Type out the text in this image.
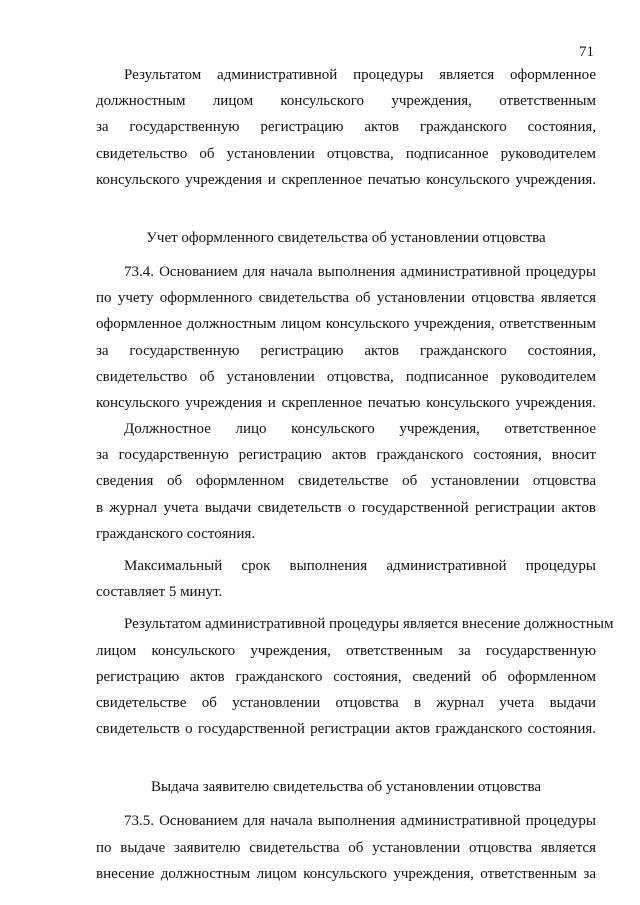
71
Результатом административной процедуры является оформленное
должностным лицом консульского учреждения, ответственным
за государственную регистрацию актов гражданского состояния,
свидетельство об установлении отцовства, подписанное руководителем
консульского учреждения и скрепленное печатью консульского учреждения.
Учет оформленного свидетельства об установлении отцовства
73.4. Основанием для начала выполнения административной процедуры
по учету оформленного свидетельства об установлении отцовства является
оформленное должностным лицом консульского учреждения, ответственным
за государственную регистрацию актов гражданского состояния,
свидетельство об установлении отцовства, подписанное руководителем
консульского учреждения и скрепленное печатью консульского учреждения.
Должностное лицо консульского учреждения, ответственное
за государственную регистрацию актов гражданского состояния, вносит
сведения об оформленном свидетельстве об установлении отцовства
в журнал учета выдачи свидетельств о государственной регистрации актов
гражданского состояния.
Максимальный срок выполнения административной процедуры
составляет 5 минут.
Результатом административной процедуры является внесение должностным
лицом консульского учреждения, ответственным за государственную
регистрацию актов гражданского состояния, сведений об оформленном
свидетельстве об установлении отцовства в журнал учета выдачи
свидетельств о государственной регистрации актов гражданского состояния.
Выдача заявителю свидетельства об установлении отцовства
73.5. Основанием для начала выполнения административной процедуры
по выдаче заявителю свидетельства об установлении отцовства является
внесение должностным лицом консульского учреждения, ответственным за
